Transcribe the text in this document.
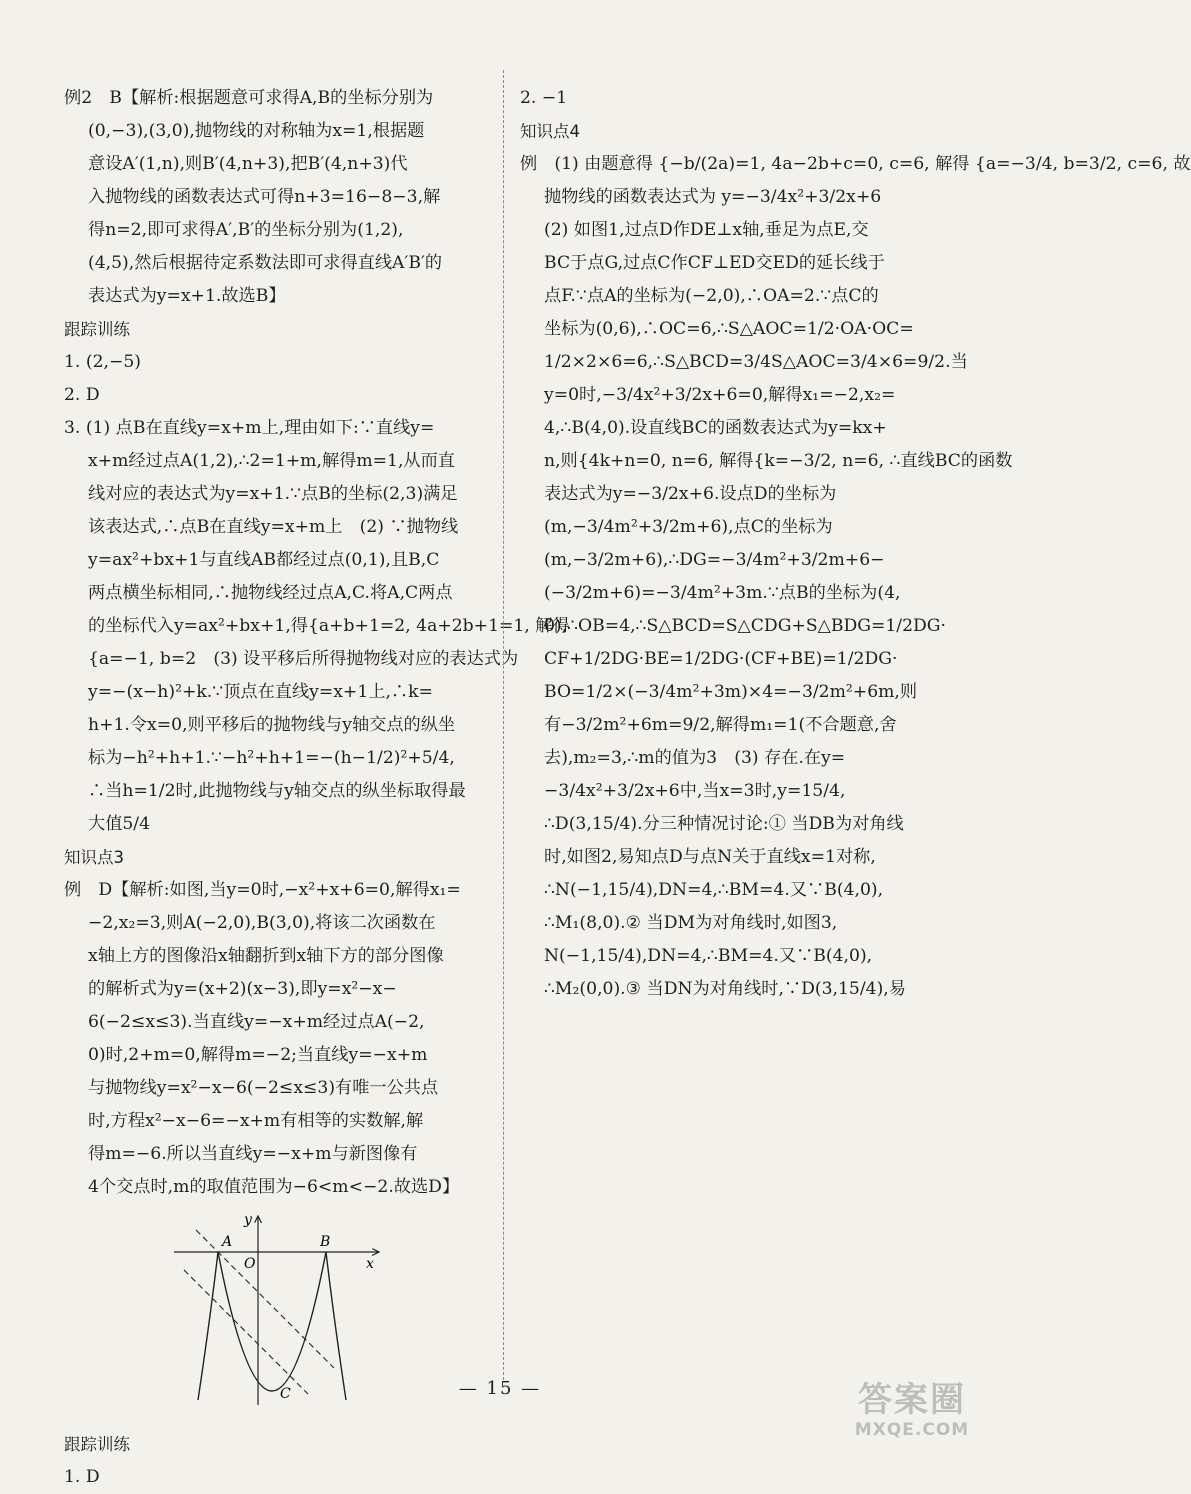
例2　B【解析:根据题意可求得A,B的坐标分别为
(0,−3),(3,0),抛物线的对称轴为x=1,根据题
意设A′(1,n),则B′(4,n+3),把B′(4,n+3)代
入抛物线的函数表达式可得n+3=16−8−3,解
得n=2,即可求得A′,B′的坐标分别为(1,2),
(4,5),然后根据待定系数法即可求得直线A′B′的
表达式为y=x+1.故选B】
跟踪训练
1. (2,−5)
2. D
3. (1) 点B在直线y=x+m上,理由如下:∵直线y=
x+m经过点A(1,2),∴2=1+m,解得m=1,从而直
线对应的表达式为y=x+1.∵点B的坐标(2,3)满足
该表达式,∴点B在直线y=x+m上　(2) ∵抛物线
y=ax²+bx+1与直线AB都经过点(0,1),且B,C
两点横坐标相同,∴抛物线经过点A,C.将A,C两点
的坐标代入y=ax²+bx+1,得{a+b+1=2, 4a+2b+1=1, 解得
{a=−1, b=2　(3) 设平移后所得抛物线对应的表达式为
y=−(x−h)²+k.∵顶点在直线y=x+1上,∴k=
h+1.令x=0,则平移后的抛物线与y轴交点的纵坐
标为−h²+h+1.∵−h²+h+1=−(h−1/2)²+5/4,
∴当h=1/2时,此抛物线与y轴交点的纵坐标取得最
大值5/4
知识点3
例　D【解析:如图,当y=0时,−x²+x+6=0,解得x₁=
−2,x₂=3,则A(−2,0),B(3,0),将该二次函数在
x轴上方的图像沿x轴翻折到x轴下方的部分图像
的解析式为y=(x+2)(x−3),即y=x²−x−
6(−2≤x≤3).当直线y=−x+m经过点A(−2,
0)时,2+m=0,解得m=−2;当直线y=−x+m
与抛物线y=x²−x−6(−2≤x≤3)有唯一公共点
时,方程x²−x−6=−x+m有相等的实数解,解
得m=−6.所以当直线y=−x+m与新图像有
4个交点时,m的取值范围为−6<m<−2.故选D】
y
x
A
O
B
C
跟踪训练
1. D
2. −1
知识点4
例　(1) 由题意得 {−b/(2a)=1, 4a−2b+c=0, c=6, 解得 {a=−3/4, b=3/2, c=6, 故
抛物线的函数表达式为 y=−3/4x²+3/2x+6
(2) 如图1,过点D作DE⊥x轴,垂足为点E,交
BC于点G,过点C作CF⊥ED交ED的延长线于
点F.∵点A的坐标为(−2,0),∴OA=2.∵点C的
坐标为(0,6),∴OC=6,∴S△AOC=1/2·OA·OC=
1/2×2×6=6,∴S△BCD=3/4S△AOC=3/4×6=9/2.当
y=0时,−3/4x²+3/2x+6=0,解得x₁=−2,x₂=
4,∴B(4,0).设直线BC的函数表达式为y=kx+
n,则{4k+n=0, n=6, 解得{k=−3/2, n=6, ∴直线BC的函数
表达式为y=−3/2x+6.设点D的坐标为
(m,−3/4m²+3/2m+6),点C的坐标为
(m,−3/2m+6),∴DG=−3/4m²+3/2m+6−
(−3/2m+6)=−3/4m²+3m.∵点B的坐标为(4,
0),∴OB=4,∴S△BCD=S△CDG+S△BDG=1/2DG·
CF+1/2DG·BE=1/2DG·(CF+BE)=1/2DG·
BO=1/2×(−3/4m²+3m)×4=−3/2m²+6m,则
有−3/2m²+6m=9/2,解得m₁=1(不合题意,舍
去),m₂=3,∴m的值为3　(3) 存在.在y=
−3/4x²+3/2x+6中,当x=3时,y=15/4,
∴D(3,15/4).分三种情况讨论:① 当DB为对角线
时,如图2,易知点D与点N关于直线x=1对称,
∴N(−1,15/4),DN=4,∴BM=4.又∵B(4,0),
∴M₁(8,0).② 当DM为对角线时,如图3,
N(−1,15/4),DN=4,∴BM=4.又∵B(4,0),
∴M₂(0,0).③ 当DN为对角线时,∵D(3,15/4),易
— 15 —	答案圈
MXQE.COM
